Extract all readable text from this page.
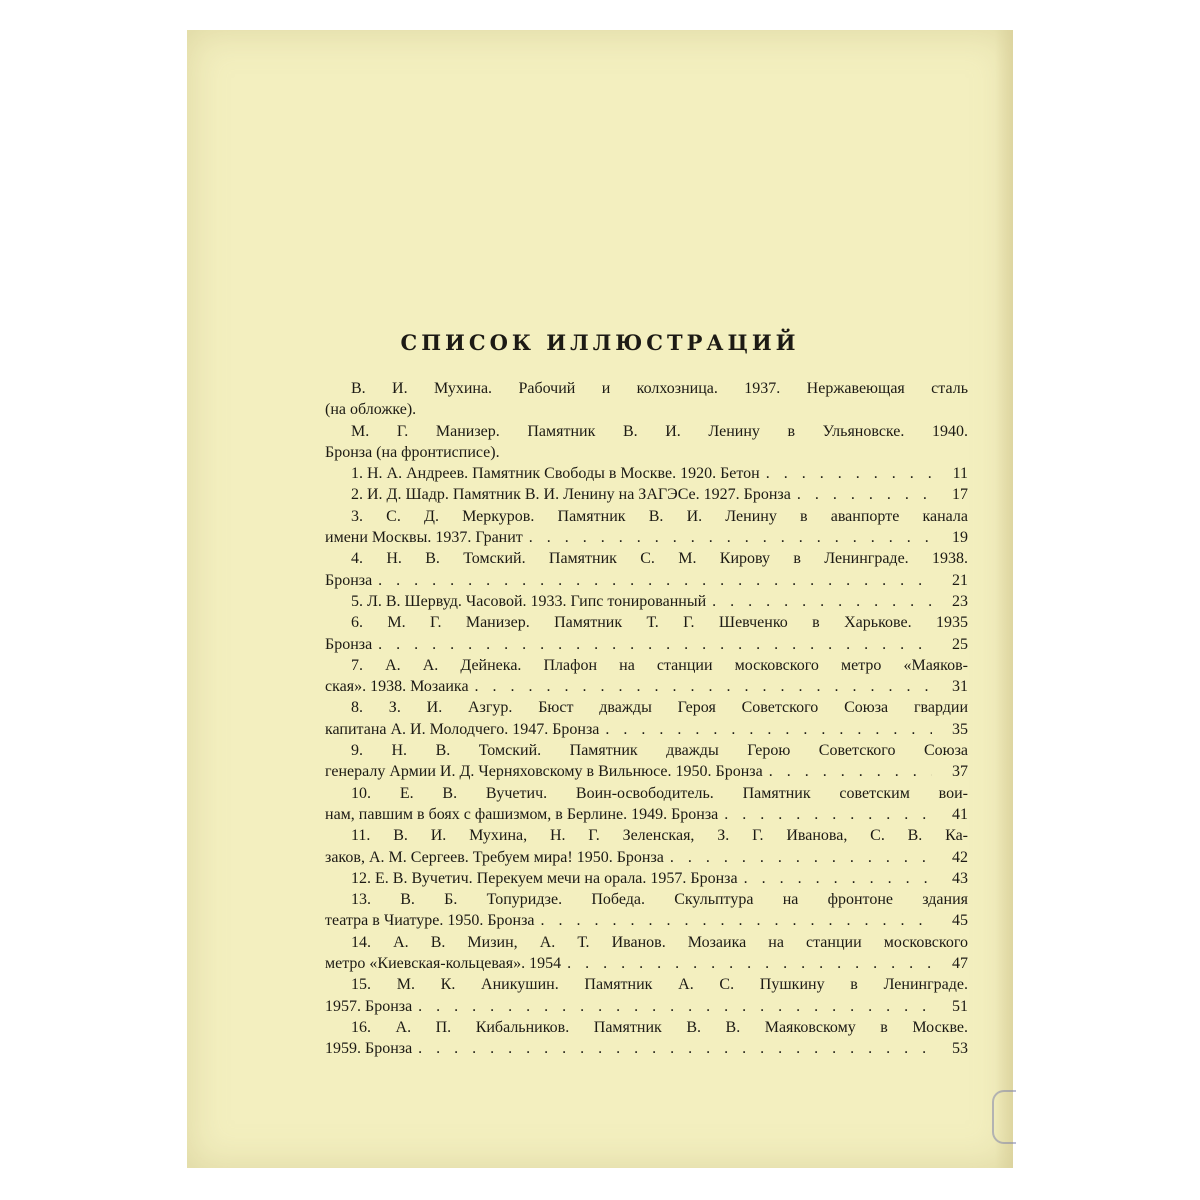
СПИСОК ИЛЛЮСТРАЦИЙ
В. И. Мухина. Рабочий и колхозница. 1937. Нержавеющая сталь
(на обложке).
М. Г. Манизер. Памятник В. И. Ленину в Ульяновске. 1940.
Бронза (на фронтисписе).
1. Н. А. Андреев. Памятник Свободы в Москве. 1920. Бетон . . .	11
2. И. Д. Шадр. Памятник В. И. Ленину на ЗАГЭСе. 1927. Бронза . . .	17
3. С. Д. Меркуров. Памятник В. И. Ленину в аванпорте канала
имени Москвы. 1937. Гранит . . .	19
4. Н. В. Томский. Памятник С. М. Кирову в Ленинграде. 1938.
Бронза . . .	21
5. Л. В. Шервуд. Часовой. 1933. Гипс тонированный . . .	23
6. М. Г. Манизер. Памятник Т. Г. Шевченко в Харькове. 1935
Бронза . . .	25
7. А. А. Дейнека. Плафон на станции московского метро «Маяков-
ская». 1938. Мозаика . . .	31
8. З. И. Азгур. Бюст дважды Героя Советского Союза гвардии
капитана А. И. Молодчего. 1947. Бронза . . .	35
9. Н. В. Томский. Памятник дважды Герою Советского Союза
генералу Армии И. Д. Черняховскому в Вильнюсе. 1950. Бронза . . .	37
10. Е. В. Вучетич. Воин-освободитель. Памятник советским вои-
нам, павшим в боях с фашизмом, в Берлине. 1949. Бронза . . .	41
11. В. И. Мухина, Н. Г. Зеленская, З. Г. Иванова, С. В. Ка-
заков, А. М. Сергеев. Требуем мира! 1950. Бронза . . .	42
12. Е. В. Вучетич. Перекуем мечи на орала. 1957. Бронза . . .	43
13. В. Б. Топуридзе. Победа. Скульптура на фронтоне здания
театра в Чиатуре. 1950. Бронза . . .	45
14. А. В. Мизин, А. Т. Иванов. Мозаика на станции московского
метро «Киевская-кольцевая». 1954 . . .	47
15. М. К. Аникушин. Памятник А. С. Пушкину в Ленинграде.
1957. Бронза . . .	51
16. А. П. Кибальников. Памятник В. В. Маяковскому в Москве.
1959. Бронза . . .	53
